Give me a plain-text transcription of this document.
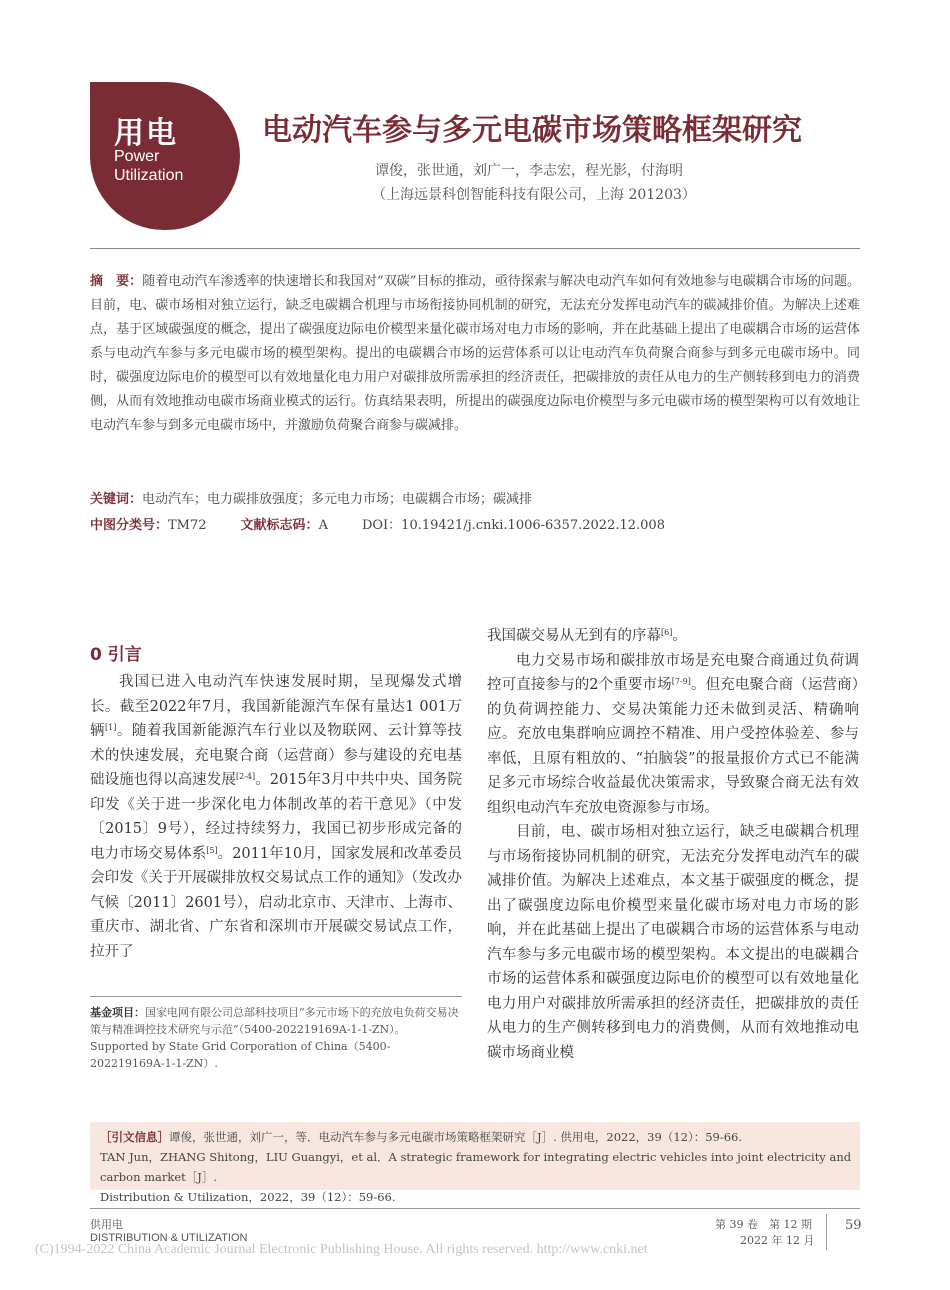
用电
Power
Utilization
电动汽车参与多元电碳市场策略框架研究
谭俊，张世通，刘广一，李志宏，程光影，付海明
（上海远景科创智能科技有限公司，上海 201203）
摘　要：随着电动汽车渗透率的快速增长和我国对“双碳”目标的推动，亟待探索与解决电动汽车如何有效地参与电碳耦合市场的问题。目前，电、碳市场相对独立运行，缺乏电碳耦合机理与市场衔接协同机制的研究，无法充分发挥电动汽车的碳减排价值。为解决上述难点，基于区域碳强度的概念，提出了碳强度边际电价模型来量化碳市场对电力市场的影响，并在此基础上提出了电碳耦合市场的运营体系与电动汽车参与多元电碳市场的模型架构。提出的电碳耦合市场的运营体系可以让电动汽车负荷聚合商参与到多元电碳市场中。同时，碳强度边际电价的模型可以有效地量化电力用户对碳排放所需承担的经济责任，把碳排放的责任从电力的生产侧转移到电力的消费侧，从而有效地推动电碳市场商业模式的运行。仿真结果表明，所提出的碳强度边际电价模型与多元电碳市场的模型架构可以有效地让电动汽车参与到多元电碳市场中，并激励负荷聚合商参与碳减排。
关键词：电动汽车；电力碳排放强度；多元电力市场；电碳耦合市场；碳减排
中图分类号：TM72	文献标志码：A	DOI：10.19421/j.cnki.1006-6357.2022.12.008
0 引言

我国已进入电动汽车快速发展时期，呈现爆发式增长。截至2022年7月，我国新能源汽车保有量达1 001万辆[1]。随着我国新能源汽车行业以及物联网、云计算等技术的快速发展，充电聚合商（运营商）参与建设的充电基础设施也得以高速发展[2-4]。2015年3月中共中央、国务院印发《关于进一步深化电力体制改革的若干意见》（中发〔2015〕9号），经过持续努力，我国已初步形成完备的电力市场交易体系[5]。2011年10月，国家发展和改革委员会印发《关于开展碳排放权交易试点工作的通知》（发改办气候〔2011〕2601号），启动北京市、天津市、上海市、重庆市、湖北省、广东省和深圳市开展碳交易试点工作，拉开了

我国碳交易从无到有的序幕[6]。

电力交易市场和碳排放市场是充电聚合商通过负荷调控可直接参与的2个重要市场[7-9]。但充电聚合商（运营商）的负荷调控能力、交易决策能力还未做到灵活、精确响应。充放电集群响应调控不精准、用户受控体验差、参与率低，且原有粗放的、“拍脑袋”的报量报价方式已不能满足多元市场综合收益最优决策需求，导致聚合商无法有效组织电动汽车充放电资源参与市场。

目前，电、碳市场相对独立运行，缺乏电碳耦合机理与市场衔接协同机制的研究，无法充分发挥电动汽车的碳减排价值。为解决上述难点，本文基于碳强度的概念，提出了碳强度边际电价模型来量化碳市场对电力市场的影响，并在此基础上提出了电碳耦合市场的运营体系与电动汽车参与多元电碳市场的模型架构。本文提出的电碳耦合市场的运营体系和碳强度边际电价的模型可以有效地量化电力用户对碳排放所需承担的经济责任，把碳排放的责任从电力的生产侧转移到电力的消费侧，从而有效地推动电碳市场商业模

基金项目：国家电网有限公司总部科技项目“多元市场下的充放电负荷交易决策与精准调控技术研究与示范”（5400-202219169A-1-1-ZN）。
Supported by State Grid Corporation of China（5400-202219169A-1-1-ZN）.
［引文信息］谭俊，张世通，刘广一，等．电动汽车参与多元电碳市场策略框架研究［J］. 供用电，2022，39（12）：59-66.
TAN Jun，ZHANG Shitong，LIU Guangyi，et al．A strategic framework for integrating electric vehicles into joint electricity and carbon market［J］.
Distribution & Utilization，2022，39（12）：59-66.
供用电
DISTRIBUTION & UTILIZATION
第 39 卷　第 12 期
2022 年 12 月
59
(C)1994-2022 China Academic Journal Electronic Publishing House. All rights reserved. http://www.cnki.net
